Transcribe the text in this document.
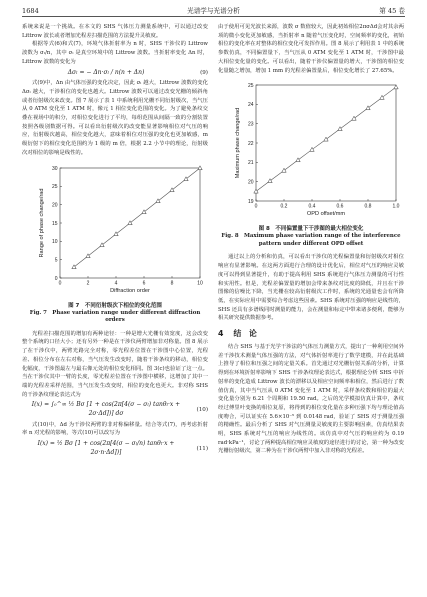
1684	光谱学与光谱分析	第 45 卷

系统来说是一个挑战。在本文的 SHS 气体压力测量系统中，可以通过改变 Littrow 波长或者增加光程差扫描范围的方法提升灵敏度。

根据等式(6)和式(7)，环境气体折射率为 n 时，SHS 干涉仪的 Littrow 波数为 σₗ/n，其中 σₗ 是真空环境中的 Littrow 波数。当折射率变化 Δn 时，Littrow 波数的变化为

Δσₗ = − Δn·σₗ / n(n + Δn)	(9)

式(9)中，Δn 由气体压强的变化决定，因此 σₗ 越大，Littrow 波数的变化 Δσₗ 越大，干涉相位的变化也越大。Littrow 波数可以通过改变光栅的倾斜角或者衍射级次来改变。图 7 展示了表 1 中系统利用光栅不同衍射级次，当气压从 0 ATM 变化至 1 ATM 时，像元 1 相位变化范围的变化。为了避免条纹交叠在视场中的积分，对相位变化进行了平均，每组范围从间隔一致的分割装置按照各级别数据可得。可以看出衍射级次的改变能显著影响相位对气压的响应，衍射级次越高，相位变化越大，意味着相位对压强的变化也更加敏感，m 级衍射下的相位变化范围约为 1 级的 m 倍，根据 2.2 小节中的理论，衍射级次对相位的影响是线性的。

0	2	4	6	8	10
0
5
10
15
20
25
30
Diffraction order
Range of phase change/rad
图 7　不同衍射级次下相位的变化范围
Fig. 7　Phase variation range under different diffraction orders

光程差扫描范围的增加有两种途径：一种是增大光栅有效宽度，这会改变整个系统的口径大小；还有另外一种是在干涉仪两臂增加非对称量。图 8 展示了在干涉仪中，两臂光路完全对称，零光程差位置在干涉图中心位置，光程差、相位分布在左右对称，当气压发生改变时，随着干涉条纹的移动，相位变化幅度，干涉图最左与最右像元处的相位变化相同。图 3(c)也验证了这一点。当在干涉仪其中一臂的长度，零光程差位置在干涉图中横移，这增加了其中一端的光程差采样范围，当气压发生改变时，相位的变化也更大。非对称 SHS 的干涉条纹理论表达式为

I(x) = ∫₀^∞ ½ Bσ [1 + cos(2π[4(σ − σₗ) tanθₗ·x + 2σ·Δd])] dσ
(10)

式(10)中，Δd 为干涉仪两臂的非对称偏移量。结合等式(7)，再考虑折射率 n 对光程的影响，等式(10)可以改写为

I(x) = ½ Bσ [1 + cos(2π[4(σ − σₗ/n) tanθₗ·x + 2σ·n·Δd])]
(11)

由于使用可见光波长来源，波数 σ 数值较大，因此初始相位2πσΔd会对其余两项的微小变化更加敏感，当折射率 n 随着气压变化时，空间频率的变化，初始相位的变化率在对整体的相位变化可发挥作用。图 8 展示了利用表 1 中的系统参数仿真，不同偏置量下，当气压从 0 ATM 变化至 1 ATM 时，干涉图中最大相位变化量的变化。可以看出，随着干涉仪偏置量的增大，干涉图的相位变化量随之增加，增加 1 mm 的光程差偏置量后，相位变化增长了 27.65%。

0	0.2	0.4	0.6	0.8	1.0
19
20
21
22
23
24
25
OPD offset/mm
Maximum phase change/rad
图 8　不同偏置量下干涉图的最大相位变化
Fig. 8　Maximum phase variation range of the interference
pattern under different OPD offset

通过以上的分析和仿真，可以看出干涉仪的光程偏置量和衍射级次对相位响应有显著影响。在这两方面进行合理的设计优化后，相位对气压的响应灵敏度可以得到显著提升，有助于提高利用 SHS 系统进行气体压力测量的可行性和实用性。但是，光程差偏置量的增加会带来条纹对比度的降低，并且在干涉图像的信噪比下降，当光栅在较高衍射级次工作时，系统的光通量也会有所降低，在实际应用中需要综合考虑这些因素。SHS 系统对压强的响应是线性的，SHS 还具有多谱线同时测量的能力，会在测量和标定中带来诸多便利，能够为相关研究提供数据参考。

4 结　论

结合 SHS 与基于光学干涉法的气体压力测量方式，提出了一种利用空间外差干涉技术测量气体压强的方法，对气体折射率进行了数学建模，并在此基础上推导了相位和压强之间的定量关系。首先通过对光栅衍射关系的分析，计算得到在环境折射率影响下 SHS 干涉条纹理论表达式，根据理论分析 SHS 中折射率的变化造成 Littrow 波长的漂移以及相应空间频率和相位，然后进行了数值仿真，其中当气压从 0 ATM 变化至 1 ATM 时，采样条纹数和相位的最大变化量分别为 6.21 个周期和 19.50 rad。之后的光学模拟仿真计算中，条纹经过傅里叶变换的相位复原，将得到的相位变化量在多种压强下均与理论值高度吻合，可以证实在 5.6×10⁻⁵ 到 0.0148 rad，验证了 SHS 对于测量压强的精确性。最后分析了 SHS 对气压测量灵敏度的主要影响因素，仿真结果表明，SHS 系统对气压的响应为线性的。该仿真中对气压的响应约为 0.19 rad·kPa⁻¹，讨论了两种提高相位响应灵敏度的途径进行的讨论，第一种为改变光栅衍射级次，第二种为在干涉仪两臂中加入非对称的光程差。
